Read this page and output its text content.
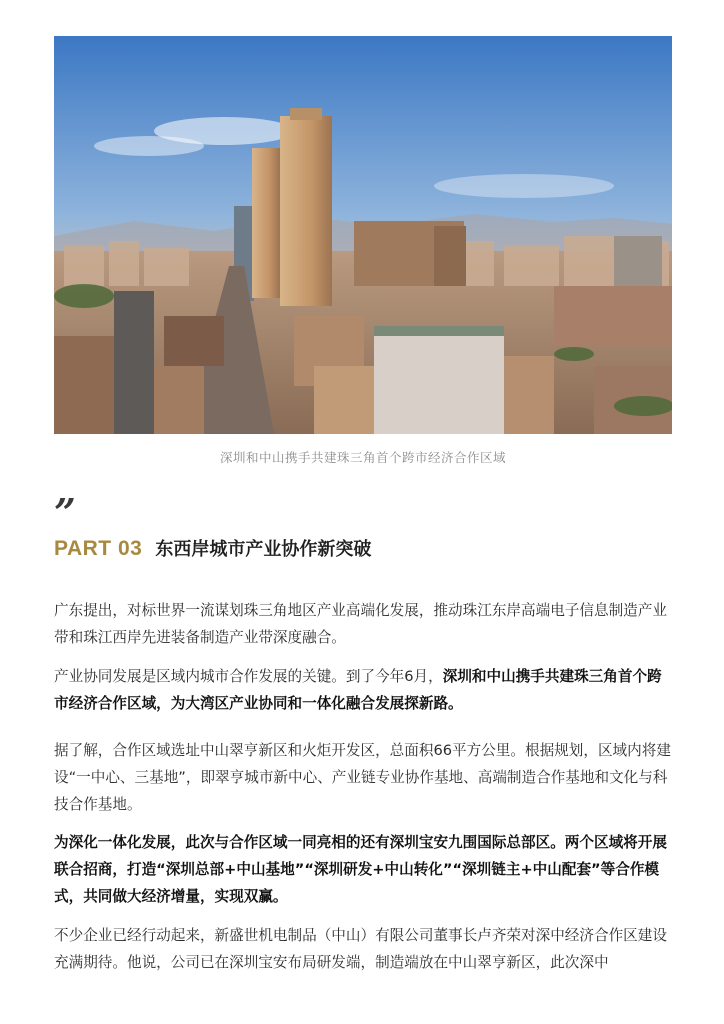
深圳和中山携手共建珠三角首个跨市经济合作区域
”
PART 03 东西岸城市产业协作新突破

广东提出，对标世界一流谋划珠三角地区产业高端化发展，推动珠江东岸高端电子信息制造产业带和珠江西岸先进装备制造产业带深度融合。

产业协同发展是区域内城市合作发展的关键。到了今年6月，深圳和中山携手共建珠三角首个跨市经济合作区域，为大湾区产业协同和一体化融合发展探新路。

据了解，合作区域选址中山翠亨新区和火炬开发区，总面积66平方公里。根据规划，区域内将建设“一中心、三基地”，即翠亨城市新中心、产业链专业协作基地、高端制造合作基地和文化与科技合作基地。

为深化一体化发展，此次与合作区域一同亮相的还有深圳宝安九围国际总部区。两个区域将开展联合招商，打造“深圳总部+中山基地”“深圳研发+中山转化”“深圳链主+中山配套”等合作模式，共同做大经济增量，实现双赢。

不少企业已经行动起来，新盛世机电制品（中山）有限公司董事长卢齐荣对深中经济合作区建设充满期待。他说，公司已在深圳宝安布局研发端，制造端放在中山翠亨新区，此次深中
